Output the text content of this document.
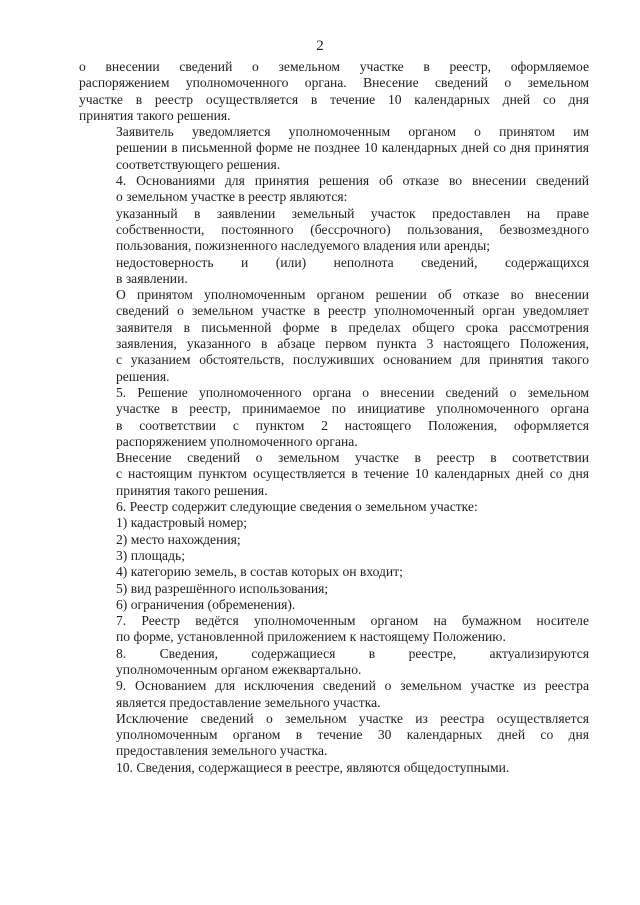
2
о внесении сведений о земельном участке в реестр, оформляемое
распоряжением уполномоченного органа. Внесение сведений о земельном
участке в реестр осуществляется в течение 10 календарных дней со дня
принятия такого решения.
Заявитель уведомляется уполномоченным органом о принятом им
решении в письменной форме не позднее 10 календарных дней со дня принятия
соответствующего решения.
4. Основаниями для принятия решения об отказе во внесении сведений
о земельном участке в реестр являются:
указанный в заявлении земельный участок предоставлен на праве
собственности, постоянного (бессрочного) пользования, безвозмездного
пользования, пожизненного наследуемого владения или аренды;
недостоверность и (или) неполнота сведений, содержащихся
в заявлении.
О принятом уполномоченным органом решении об отказе во внесении
сведений о земельном участке в реестр уполномоченный орган уведомляет
заявителя в письменной форме в пределах общего срока рассмотрения
заявления, указанного в абзаце первом пункта 3 настоящего Положения,
с указанием обстоятельств, послуживших основанием для принятия такого
решения.
5. Решение уполномоченного органа о внесении сведений о земельном
участке в реестр, принимаемое по инициативе уполномоченного органа
в соответствии с пунктом 2 настоящего Положения, оформляется
распоряжением уполномоченного органа.
Внесение сведений о земельном участке в реестр в соответствии
с настоящим пунктом осуществляется в течение 10 календарных дней со дня
принятия такого решения.
6. Реестр содержит следующие сведения о земельном участке:
1) кадастровый номер;
2) место нахождения;
3) площадь;
4) категорию земель, в состав которых он входит;
5) вид разрешённого использования;
6) ограничения (обременения).
7. Реестр ведётся уполномоченным органом на бумажном носителе
по форме, установленной приложением к настоящему Положению.
8. Сведения, содержащиеся в реестре, актуализируются
уполномоченным органом ежеквартально.
9. Основанием для исключения сведений о земельном участке из реестра
является предоставление земельного участка.
Исключение сведений о земельном участке из реестра осуществляется
уполномоченным органом в течение 30 календарных дней со дня
предоставления земельного участка.
10. Сведения, содержащиеся в реестре, являются общедоступными.
